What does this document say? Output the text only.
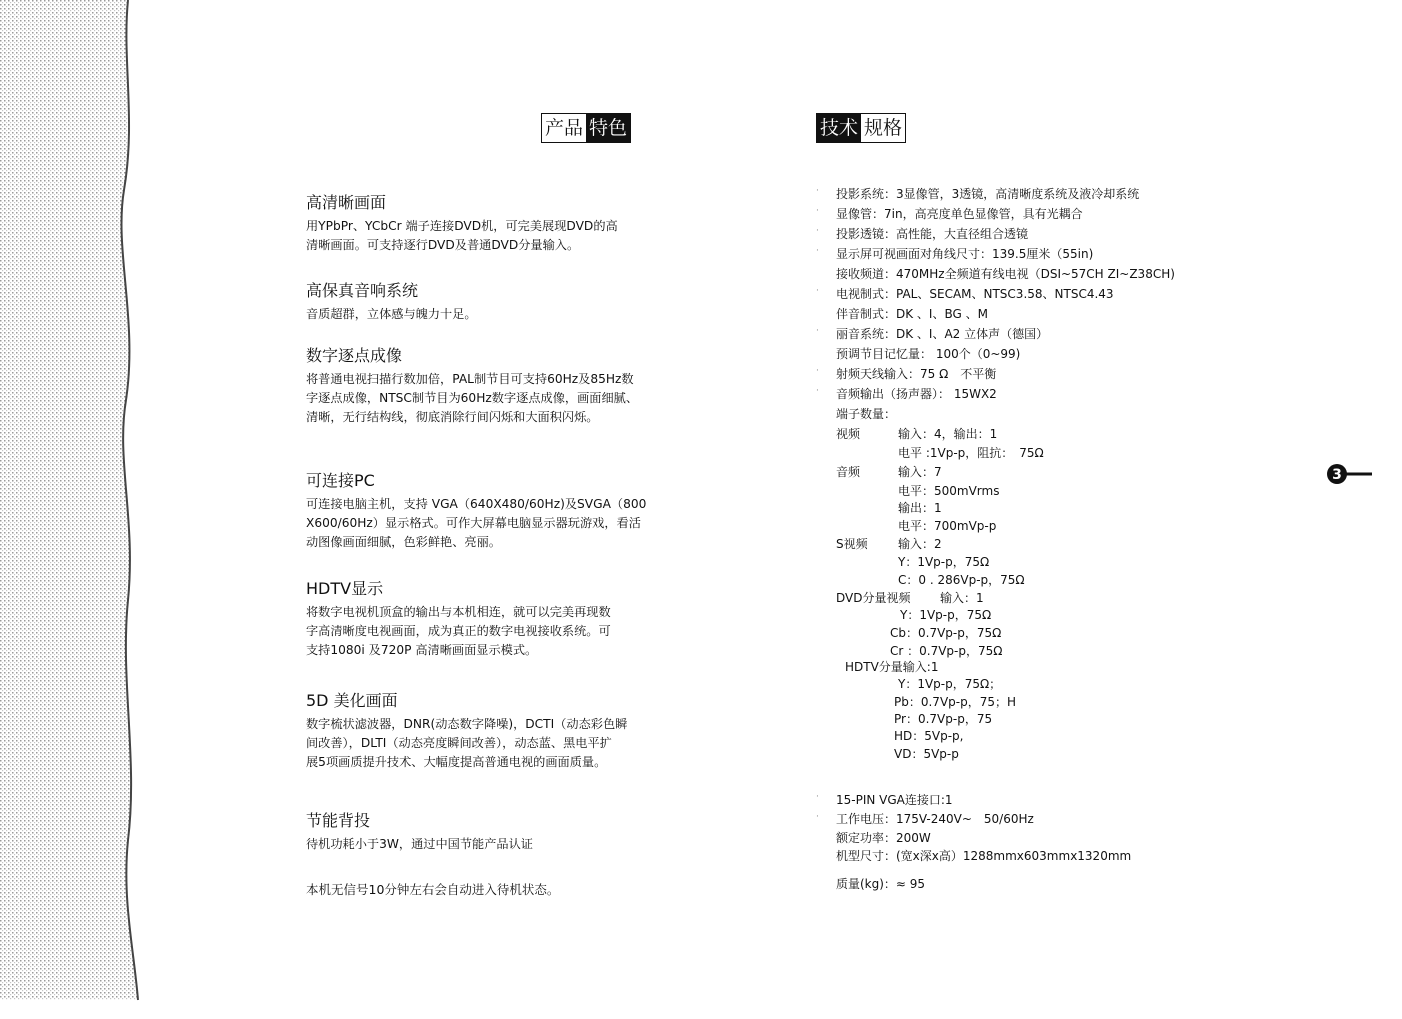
产品 特色
高清晰画面

用YPbPr、YCbCr 端子连接DVD机，可完美展现DVD的高

清晰画面。可支持逐行DVD及普通DVD分量输入。

高保真音响系统

音质超群，立体感与魄力十足。

数字逐点成像

将普通电视扫描行数加倍，PAL制节目可支持60Hz及85Hz数

字逐点成像，NTSC制节目为60Hz数字逐点成像，画面细腻、

清晰，无行结构线，彻底消除行间闪烁和大面积闪烁。

可连接PC

可连接电脑主机，支持 VGA（640X480/60Hz)及SVGA（800

X600/60Hz）显示格式。可作大屏幕电脑显示器玩游戏，看活

动图像画面细腻，色彩鲜艳、亮丽。

HDTV显示

将数字电视机顶盒的输出与本机相连，就可以完美再现数

字高清晰度电视画面，成为真正的数字电视接收系统。可

支持1080i 及720P 高清晰画面显示模式。

5D 美化画面

数字梳状滤波器，DNR(动态数字降噪)，DCTI（动态彩色瞬

间改善），DLTI（动态亮度瞬间改善），动态蓝、黑电平扩

展5项画质提升技术、大幅度提高普通电视的画面质量。

节能背投

待机功耗小于3W，通过中国节能产品认证

本机无信号10分钟左右会自动进入待机状态。
技术 规格
·
·
·
·
·
·
·
·
·
·
投影系统：3显像管，3透镜，高清晰度系统及液冷却系统
显像管：7in，高亮度单色显像管，具有光耦合
投影透镜：高性能，大直径组合透镜
显示屏可视画面对角线尺寸：139.5厘米（55in)
接收频道：470MHz全频道有线电视（DSI~57CH ZI~Z38CH)
电视制式：PAL、SECAM、NTSC3.58、NTSC4.43
伴音制式：DK 、I、BG 、M
丽音系统：DK 、I、A2 立体声（德国）
预调节目记忆量： 100个（0~99)
射频天线输入：75 Ω　不平衡
音频输出（扬声器）： 15WX2
端子数量：
视频	输入：4，输出：1
电平 :1Vp-p，阻抗：　75Ω
音频	输入：7
电平：500mVrms
输出：1
电平：700mVp-p
S视频	输入：2
Y：1Vp-p，75Ω
C：0 . 286Vp-p，75Ω
DVD分量视频 输入：1
Y：1Vp-p，75Ω
Cb：0.7Vp-p，75Ω
Cr ：0.7Vp-p，75Ω
HDTV分量输入:1
Y：1Vp-p，75Ω；
Pb：0.7Vp-p，75；H
Pr：0.7Vp-p，75
HD：5Vp-p,
VD：5Vp-p
15-PIN VGA连接口:1
工作电压：175V-240V~　50/60Hz
额定功率：200W
机型尺寸：(宽x深x高）1288mmx603mmx1320mm
质量(kg)：≈ 95
3
